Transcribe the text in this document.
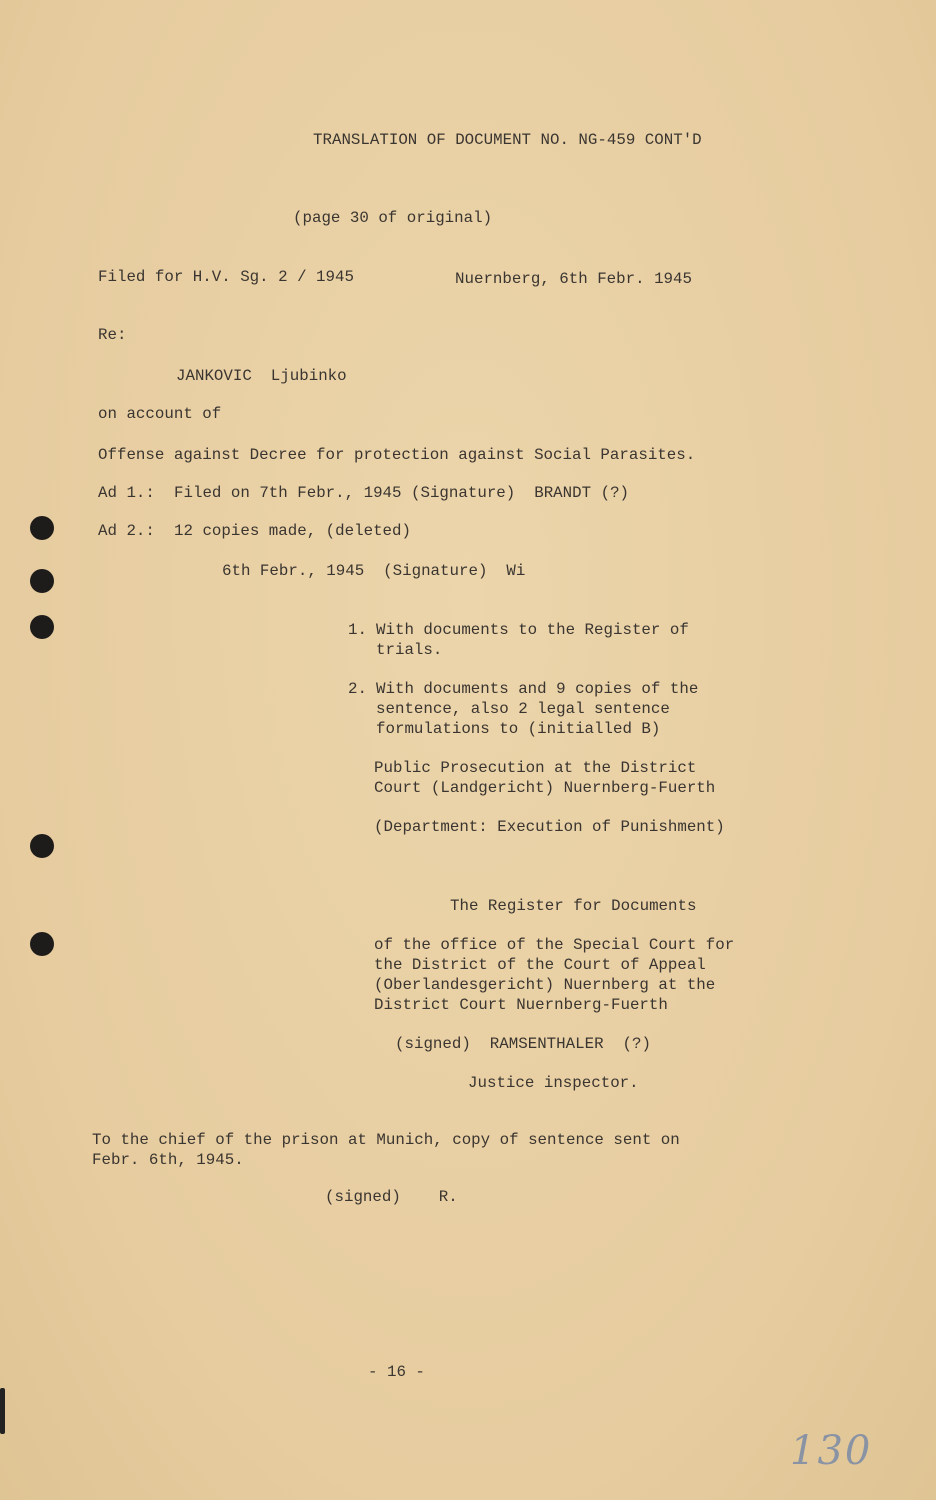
TRANSLATION OF DOCUMENT NO. NG-459 CONT'D
(page 30 of original)
Filed for H.V. Sg. 2 / 1945	Nuernberg, 6th Febr. 1945
Re:
JANKOVIC  Ljubinko
on account of
Offense against Decree for protection against Social Parasites.
Ad 1.: Filed on 7th Febr., 1945 (Signature)  BRANDT (?)
Ad 2.: 12 copies made, (deleted)
6th Febr., 1945  (Signature)  Wi
1. With documents to the Register of
trials.
2. With documents and 9 copies of the
sentence, also 2 legal sentence
formulations to (initialled B)
Public Prosecution at the District
Court (Landgericht) Nuernberg-Fuerth
(Department: Execution of Punishment)
The Register for Documents
of the office of the Special Court for
the District of the Court of Appeal
(Oberlandesgericht) Nuernberg at the
District Court Nuernberg-Fuerth
(signed)  RAMSENTHALER  (?)
Justice inspector.
To the chief of the prison at Munich, copy of sentence sent on
Febr. 6th, 1945.
(signed)    R.
- 16 -
130
